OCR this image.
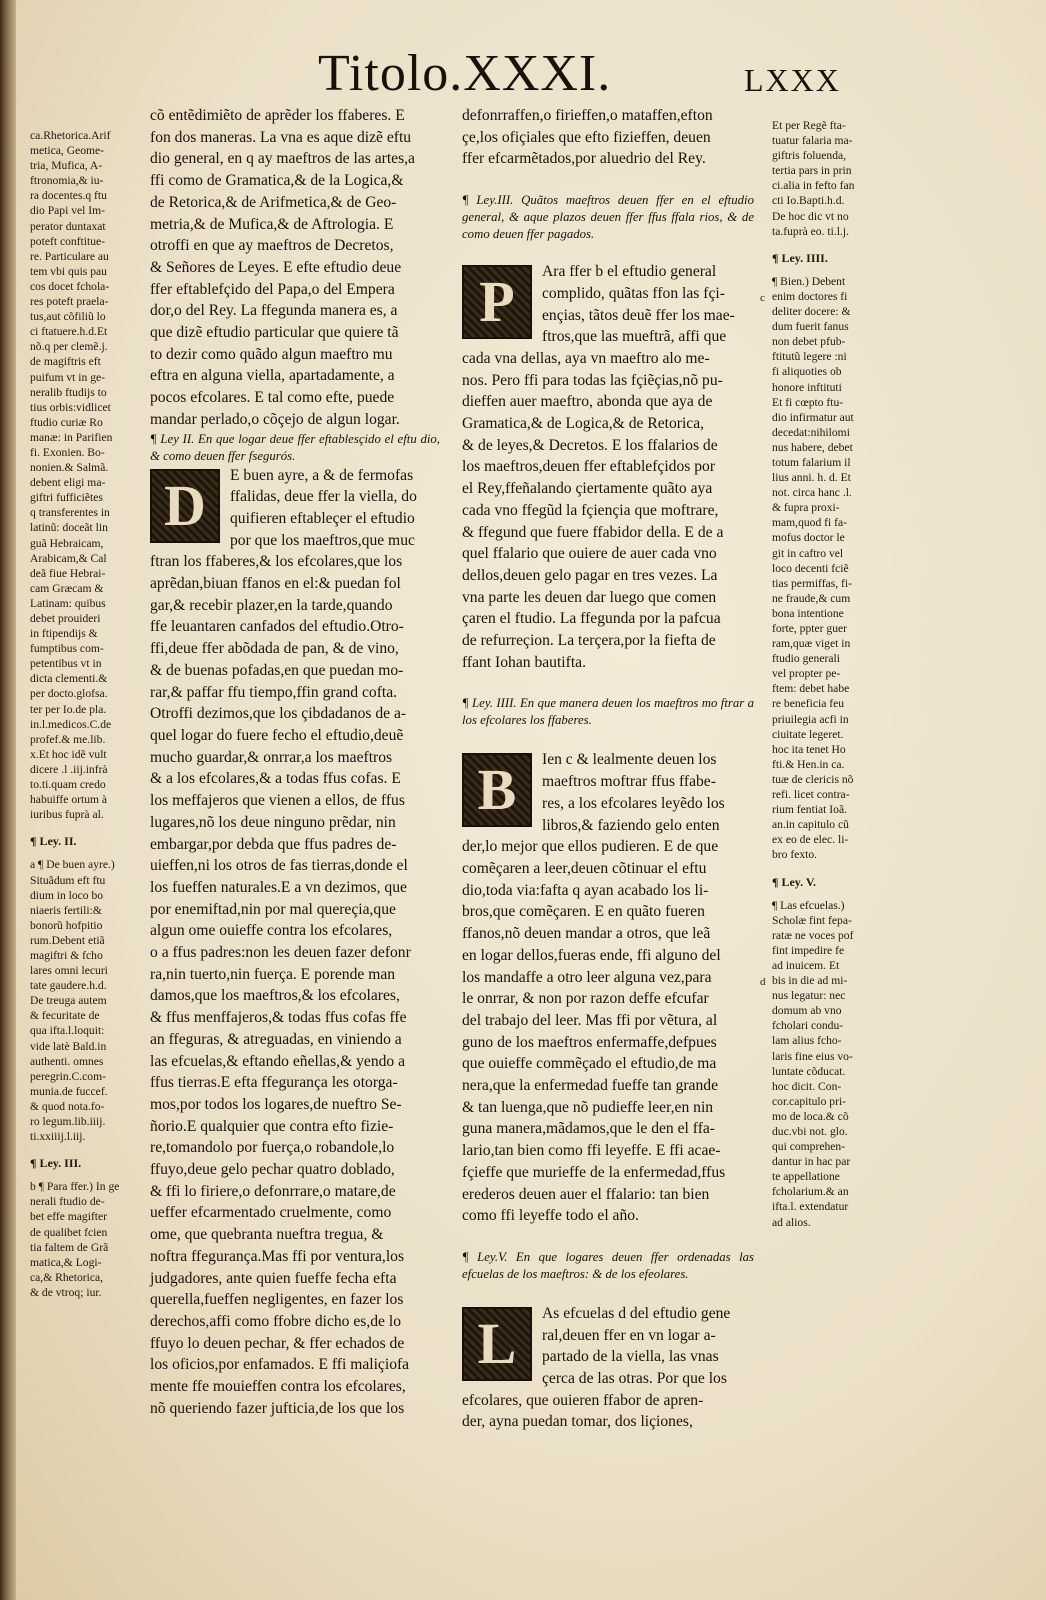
Titolo.XXXI.	LXXX

ca.Rhetorica.Arif

metica, Geome-

tria, Mufica, A-

ftronomia,& iu-

ra docentes.q ftu

dio Papi vel Im-

perator duntaxat

poteft conftitue-

re. Particulare au

tem vbi quis pau

cos docet fchola-

res poteft praela-

tus,aut cõfiliũ lo

ci ftatuere.h.d.Et

nõ.q per clemẽ.j.

de magiftris eft

puifum vt in ge-

neralib ftudijs to

tius orbis:vidlicet

ftudio curiæ Ro

manæ: in Parifien

fi. Exonien. Bo-

nonien.& Salmã.

debent eligi ma-

giftri fufficiẽtes

q transferentes in

latinũ: doceãt lin

guã Hebraicam,

Arabicam,& Cal

deã fiue Hebrai-

cam Græcam &

Latinam: quibus

debet prouideri

in ftipendijs &

fumptibus com-

petentibus vt in

dicta clementi.&

per docto.glofsa.

ter per Io.de pla.

in.l.medicos.C.de

profef.& me.lib.

x.Et hoc idẽ vult

dicere .l .iij.infrà

to.ti.quam credo

habuiffe ortum à

iuribus fuprà al.

¶ Ley. II.

a ¶ De buen ayre.)

Situãdum eft ftu

dium in loco bo

niaeris fertili:&

bonorũ hofpitio

rum.Debent etiã

magiftri & fcho

lares omni lecuri

tate gaudere.h.d.

De treuga autem

& fecuritate de

qua ifta.l.loquit:

vide latè Bald.in

authenti. omnes

peregrin.C.com-

munia.de fuccef.

& quod nota.fo-

ro legum.lib.iiij.

ti.xxiiij.l.iij.

¶ Ley. III.

b ¶ Para ffer.) In ge

nerali ftudio de-

bet effe magifter

de qualibet fcien

tia faltem de Grã

matica,& Logi-

ca,& Rhetorica,

& de vtroq; iur.

cõ entẽdimiẽto de aprẽder los ffaberes. E

fon dos maneras. La vna es aque dizẽ eftu

dio general, en q ay maeftros de las artes,a

ffi como de Gramatica,& de la Logica,&

de Retorica,& de Arifmetica,& de Geo-

metria,& de Mufica,& de Aftrologia. E

otroffi en que ay maeftros de Decretos,

& Señores de Leyes. E efte eftudio deue

ffer eftablefçido del Papa,o del Empera

dor,o del Rey. La ffegunda manera es, a

que dizẽ eftudio particular que quiere tã

to dezir como quãdo algun maeftro mu

eftra en alguna viella, apartadamente, a

pocos efcolares. E tal como efte, puede

mandar perlado,o cõçejo de algun logar.

¶ Ley II. En que logar deue ffer eftablesçido el eftu dio, & como deuen ffer fsegurós.

D E buen ayre, a & de fermofas

ffalidas, deue ffer la viella, do

quifieren eftableçer el eftudio

por que los maeftros,que muc

ftran los ffaberes,& los efcolares,que los

aprẽdan,biuan ffanos en el:& puedan fol

gar,& recebir plazer,en la tarde,quando

ffe leuantaren canfados del eftudio.Otro-

ffi,deue ffer abõdada de pan, & de vino,

& de buenas pofadas,en que puedan mo-

rar,& paffar ffu tiempo,ffin grand cofta.

Otroffi dezimos,que los çibdadanos de a-

quel logar do fuere fecho el eftudio,deuẽ

mucho guardar,& onrrar,a los maeftros

& a los efcolares,& a todas ffus cofas. E

los meffajeros que vienen a ellos, de ffus

lugares,nõ los deue ninguno prẽdar, nin

embargar,por debda que ffus padres de-

uieffen,ni los otros de fas tierras,donde el

los fueffen naturales.E a vn dezimos, que

por enemiftad,nin por mal quereçia,que

algun ome ouieffe contra los efcolares,

o a ffus padres:non les deuen fazer defonr

ra,nin tuerto,nin fuerça. E porende man

damos,que los maeftros,& los efcolares,

& ffus menffajeros,& todas ffus cofas ffe

an ffeguras, & atreguadas, en viniendo a

las efcuelas,& eftando eñellas,& yendo a

ffus tierras.E efta ffegurança les otorga-

mos,por todos los logares,de nueftro Se-

ñorio.E qualquier que contra efto fizie-

re,tomandolo por fuerça,o robandole,lo

ffuyo,deue gelo pechar quatro doblado,

& ffi lo firiere,o defonrrare,o matare,de

ueffer efcarmentado cruelmente, como

ome, que quebranta nueftra tregua, &

noftra ffegurança.Mas ffi por ventura,los

judgadores, ante quien fueffe fecha efta

querella,fueffen negligentes, en fazer los

derechos,affi como ffobre dicho es,de lo

ffuyo lo deuen pechar, & ffer echados de

los oficios,por enfamados. E ffi maliçiofa

mente ffe mouieffen contra los efcolares,

nõ queriendo fazer jufticia,de los que los

defonrraffen,o firieffen,o mataffen,efton

çe,los ofiçiales que efto fizieffen, deuen

ffer efcarmẽtados,por aluedrio del Rey.

¶ Ley.III. Quãtos maeftros deuen ffer en el eftudio general, & aque plazos deuen ffer ffus ffala rios, & de como deuen ffer pagados.

P Ara ffer b el eftudio general

complido, quãtas ffon las fçi-

ençias, tãtos deuẽ ffer los mae-

ftros,que las mueftrã, affi que

cada vna dellas, aya vn maeftro alo me-

nos. Pero ffi para todas las fçiẽçias,nõ pu-

dieffen auer maeftro, abonda que aya de

Gramatica,& de Logica,& de Retorica,

& de leyes,& Decretos. E los ffalarios de

los maeftros,deuen ffer eftablefçidos por

el Rey,ffeñalando çiertamente quãto aya

cada vno ffegũd la fçiençia que moftrare,

& ffegund que fuere ffabidor della. E de a

quel ffalario que ouiere de auer cada vno

dellos,deuen gelo pagar en tres vezes. La

vna parte les deuen dar luego que comen

çaren el ftudio. La ffegunda por la pafcua

de refurreçion. La terçera,por la fiefta de

ffant Iohan bautifta.

¶ Ley. IIII. En que manera deuen los maeftros mo ftrar a los efcolares los ffaberes.

B Ien c & lealmente deuen los

maeftros moftrar ffus ffabe-

res, a los efcolares leyẽdo los

libros,& faziendo gelo enten

der,lo mejor que ellos pudieren. E de que

comẽçaren a leer,deuen cõtinuar el eftu

dio,toda via:fafta q ayan acabado los li-

bros,que comẽçaren. E en quãto fueren

ffanos,nõ deuen mandar a otros, que leã

en logar dellos,fueras ende, ffi alguno del

los mandaffe a otro leer alguna vez,para

le onrrar, & non por razon deffe efcufar

del trabajo del leer. Mas ffi por vẽtura, al

guno de los maeftros enfermaffe,defpues

que ouieffe commẽçado el eftudio,de ma

nera,que la enfermedad fueffe tan grande

& tan luenga,que nõ pudieffe leer,en nin

guna manera,mãdamos,que le den el ffa-

lario,tan bien como ffi leyeffe. E ffi acae-

fçieffe que murieffe de la enfermedad,ffus

erederos deuen auer el ffalario: tan bien

como ffi leyeffe todo el año.

¶ Ley.V. En que logares deuen ffer ordenadas las efcuelas de los maeftros: & de los efeolares.

L As efcuelas d del eftudio gene

ral,deuen ffer en vn logar a-

partado de la viella, las vnas

çerca de las otras. Por que los

efcolares, que ouieren ffabor de apren-

der, ayna puedan tomar, dos liçiones,

c
d

Et per Regẽ fta-

tuatur falaria ma-

giftris foluenda,

tertia pars in prin

ci.alia in fefto fan

cti Io.Bapti.h.d.

De hoc dic vt no

ta.fuprà eo. ti.l.j.

¶ Ley. IIII.

¶ Bien.) Debent

enim doctores fi

deliter docere: &

dum fuerit fanus

non debet pfub-

ftitutũ legere :ni

fi aliquoties ob

honore inftituti

Et fi cœpto ftu-

dio infirmatur aut

decedat:nihilomi

nus habere, debet

totum falarium il

lius anni. h. d. Et

not. circa hanc .l.

& fupra proxi-

mam,quod fi fa-

mofus doctor le

git in caftro vel

loco decenti fciẽ

tias permiffas, fi-

ne fraude,& cum

bona intentione

forte, ppter guer

ram,quæ viget in

ftudio generali

vel propter pe-

ftem: debet habe

re beneficia feu

priuilegia acfi in

ciuitate legeret.

hoc ita tenet Ho

fti.& Hen.in ca.

tuæ de clericis nõ

refi. licet contra-

rium fentiat Ioã.

an.in capitulo cũ

ex eo de elec. li-

bro fexto.

¶ Ley. V.

¶ Las efcuelas.)

Scholæ fint fepa-

ratæ ne voces pof

fint impedire fe

ad inuicem. Et

bis in die ad mi-

nus legatur: nec

domum ab vno

fcholari condu-

lam alius fcho-

laris fine eius vo-

luntate cõducat.

hoc dicit. Con-

cor.capitulo pri-

mo de loca.& cõ

duc.vbi not. glo.

qui comprehen-

dantur in hac par

te appellatione

fcholarium.& an

ifta.l. extendatur

ad alios.
